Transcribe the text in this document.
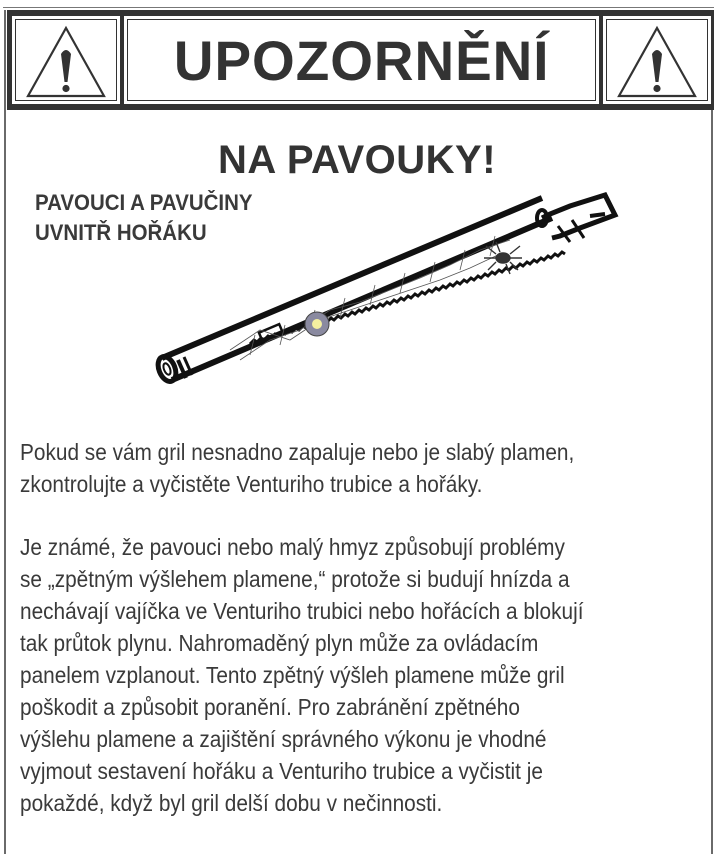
UPOZORNĚNÍ
NA PAVOUKY!
PAVOUCI A PAVUČINY
UVNITŘ HOŘÁKU
Pokud se vám gril nesnadno zapaluje nebo je slabý plamen,
zkontrolujte a vyčistěte Venturiho trubice a hořáky.
Je známé, že pavouci nebo malý hmyz způsobují problémy
se „zpětným výšlehem plamene,“ protože si budují hnízda a
nechávají vajíčka ve Venturiho trubici nebo hořácích a blokují
tak průtok plynu. Nahromaděný plyn může za ovládacím
panelem vzplanout. Tento zpětný výšleh plamene může gril
poškodit a způsobit poranění. Pro zabránění zpětného
výšlehu plamene a zajištění správného výkonu je vhodné
vyjmout sestavení hořáku a Venturiho trubice a vyčistit je
pokaždé, když byl gril delší dobu v nečinnosti.
